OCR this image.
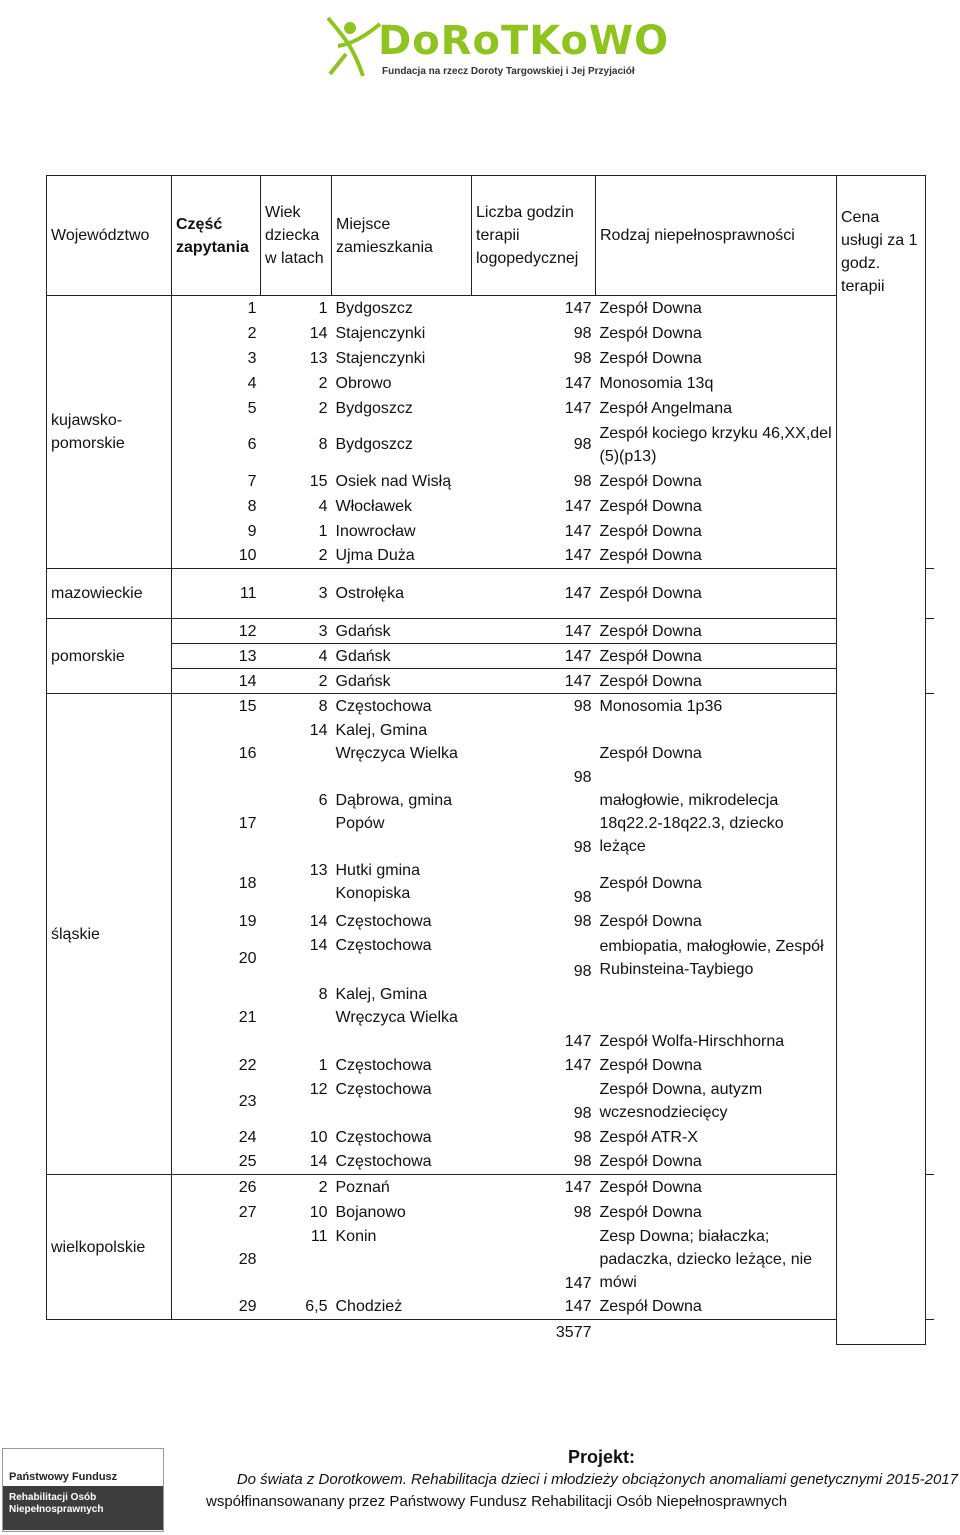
DoRoTKoWO
Fundacja na rzecz Doroty Targowskiej i Jej Przyjaciół
Województwo	Część zapytania	Wiek dziecka w latach	Miejsce zamieszkania	Liczba godzin terapii logopedycznej	Rodzaj niepełnosprawności	Cena usługi za 1 godz. terapii	
kujawsko-pomorskie	1	1	Bydgoszcz	147	Zespół Downa		
	2	14	Stajenczynki	98	Zespół Downa		
	3	13	Stajenczynki	98	Zespół Downa		
	4	2	Obrowo	147	Monosomia 13q		
	5	2	Bydgoszcz	147	Zespół Angelmana		
	6	8	Bydgoszcz	98	Zespół kociego krzyku 46,XX,del (5)(p13)		
	7	15	Osiek nad Wisłą	98	Zespół Downa		
	8	4	Włocławek	147	Zespół Downa		
	9	1	Inowrocław	147	Zespół Downa		
	10	2	Ujma Duża	147	Zespół Downa		
mazowieckie	11	3	Ostrołęka	147	Zespół Downa		
pomorskie	12	3	Gdańsk	147	Zespół Downa		
	13	4	Gdańsk	147	Zespół Downa		
	14	2	Gdańsk	147	Zespół Downa		
śląskie	15	8	Częstochowa	98	Monosomia 1p36		
	16	14	Kalej, Gmina Wręczyca Wielka	98	Zespół Downa		
	17	6	Dąbrowa, gmina Popów	98	małogłowie, mikrodelecja 18q22.2-18q22.3, dziecko leżące		
	18	13	Hutki gmina Konopiska	98	Zespół Downa		
	19	14	Częstochowa	98	Zespół Downa		
	20	14	Częstochowa	98	embiopatia, małogłowie, Zespół Rubinsteina-Taybiego		
	21	8	Kalej, Gmina Wręczyca Wielka	147	Zespół Wolfa-Hirschhorna		
	22	1	Częstochowa	147	Zespół Downa		
	23	12	Częstochowa	98	Zespół Downa, autyzm wczesnodziecięcy		
	24	10	Częstochowa	98	Zespół ATR-X		
	25	14	Częstochowa	98	Zespół Downa		
wielkopolskie	26	2	Poznań	147	Zespół Downa		
	27	10	Bojanowo	98	Zespół Downa		
	28	11	Konin	147	Zesp Downa; białaczka; padaczka, dziecko leżące, nie mówi		
	29	6,5	Chodzież	147	Zespół Downa		
				3577			
Państwowy Fundusz
Rehabilitacji Osób Niepełnosprawnych
Projekt:
Do świata z Dorotkowem. Rehabilitacja dzieci i młodzieży obciążonych anomaliami genetycznymi 2015-2017
współfinansowanany przez Państwowy Fundusz Rehabilitacji Osób Niepełnosprawnych
